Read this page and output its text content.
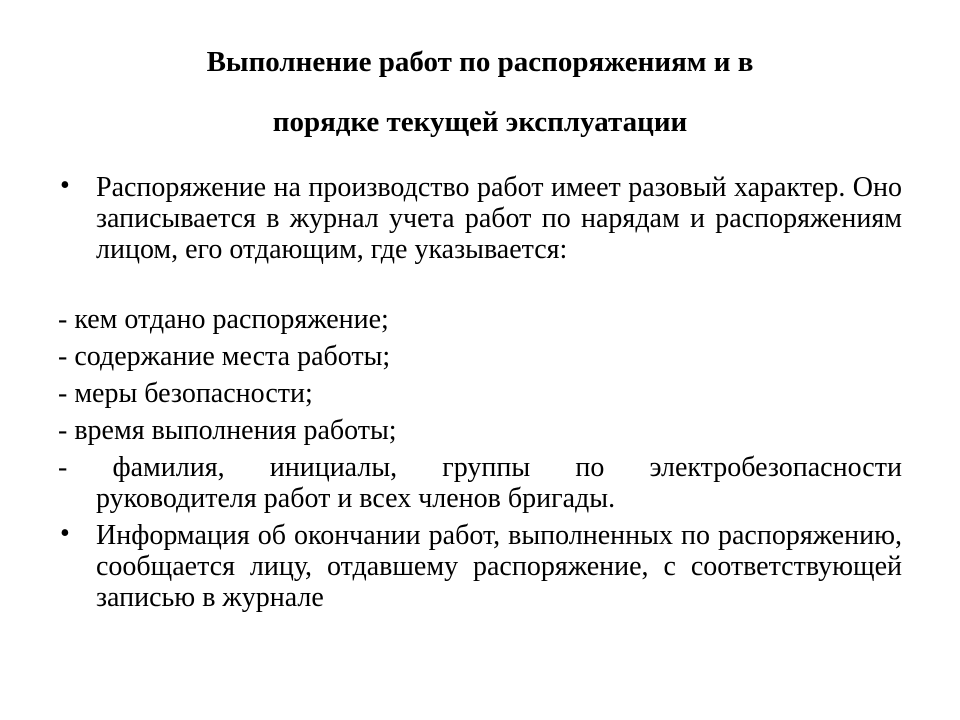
Выполнение работ по распоряжениям и в
порядке текущей эксплуатации
• Распоряжение на производство работ имеет разовый характер. Оно записывается в журнал учета работ по нарядам и распоряжениям лицом, его отдающим, где указывается:

- кем отдано распоряжение;

- содержание места работы;

- меры безопасности;

- время выполнения работы;

- фамилия, инициалы, группы по электробезопасности
руководителя работ и всех членов бригады.
• Информация об окончании работ, выполненных по распоряжению, сообщается лицу, отдавшему распоряжение, с соответствующей записью в журнале
